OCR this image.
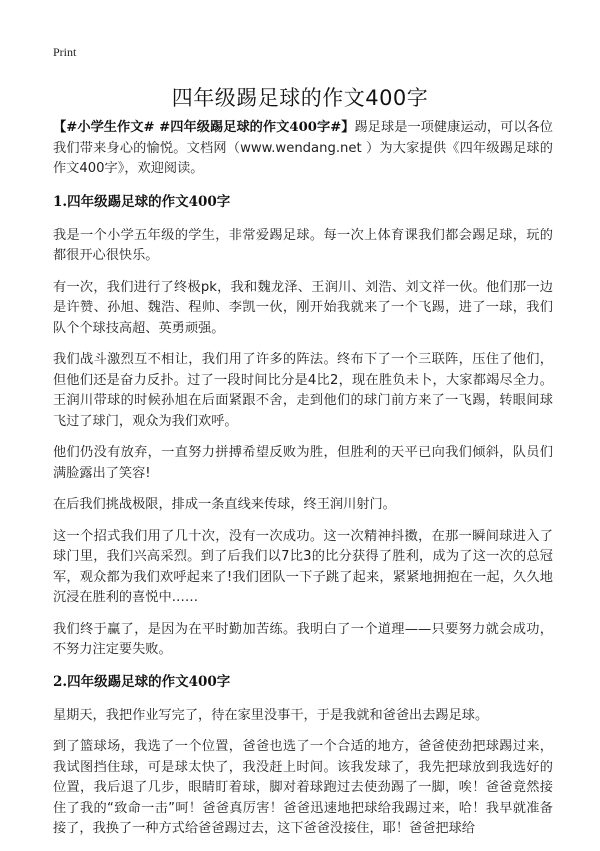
Print
四年级踢足球的作文400字

【#小学生作文# #四年级踢足球的作文400字#】踢足球是一项健康运动，可以各位我们带来身心的愉悦。文档网（www.wendang.net ）为大家提供《四年级踢足球的作文400字》，欢迎阅读。

1.四年级踢足球的作文400字

我是一个小学五年级的学生，非常爱踢足球。每一次上体育课我们都会踢足球，玩的都很开心很快乐。

有一次，我们进行了终极pk，我和魏龙泽、王润川、刘浩、刘文祥一伙。他们那一边是许赞、孙旭、魏浩、程帅、李凯一伙，刚开始我就来了一个飞踢，进了一球，我们队个个球技高超、英勇顽强。

我们战斗激烈互不相让，我们用了许多的阵法。终布下了一个三联阵，压住了他们，但他们还是奋力反扑。过了一段时间比分是4比2，现在胜负未卜，大家都竭尽全力。王润川带球的时候孙旭在后面紧跟不舍，走到他们的球门前方来了一飞踢，转眼间球飞过了球门，观众为我们欢呼。

他们仍没有放弃，一直努力拼搏希望反败为胜，但胜利的天平已向我们倾斜，队员们满脸露出了笑容!

在后我们挑战极限，排成一条直线来传球，终王润川射门。

这一个招式我们用了几十次，没有一次成功。这一次精神抖擞，在那一瞬间球进入了球门里，我们兴高采烈。到了后我们以7比3的比分获得了胜利，成为了这一次的总冠军，观众都为我们欢呼起来了!我们团队一下子跳了起来，紧紧地拥抱在一起，久久地沉浸在胜利的喜悦中……

我们终于赢了，是因为在平时勤加苦练。我明白了一个道理——只要努力就会成功，不努力注定要失败。

2.四年级踢足球的作文400字

星期天，我把作业写完了，待在家里没事干，于是我就和爸爸出去踢足球。

到了篮球场，我选了一个位置，爸爸也选了一个合适的地方，爸爸使劲把球踢过来，我试图挡住球，可是球太快了，我没赶上时间。该我发球了，我先把球放到我选好的位置，我后退了几步，眼睛盯着球，脚对着球跑过去使劲踢了一脚，唉！爸爸竟然接住了我的“致命一击”呵！爸爸真厉害！爸爸迅速地把球给我踢过来，哈！我早就准备接了，我换了一种方式给爸爸踢过去，这下爸爸没接住，耶！爸爸把球给
